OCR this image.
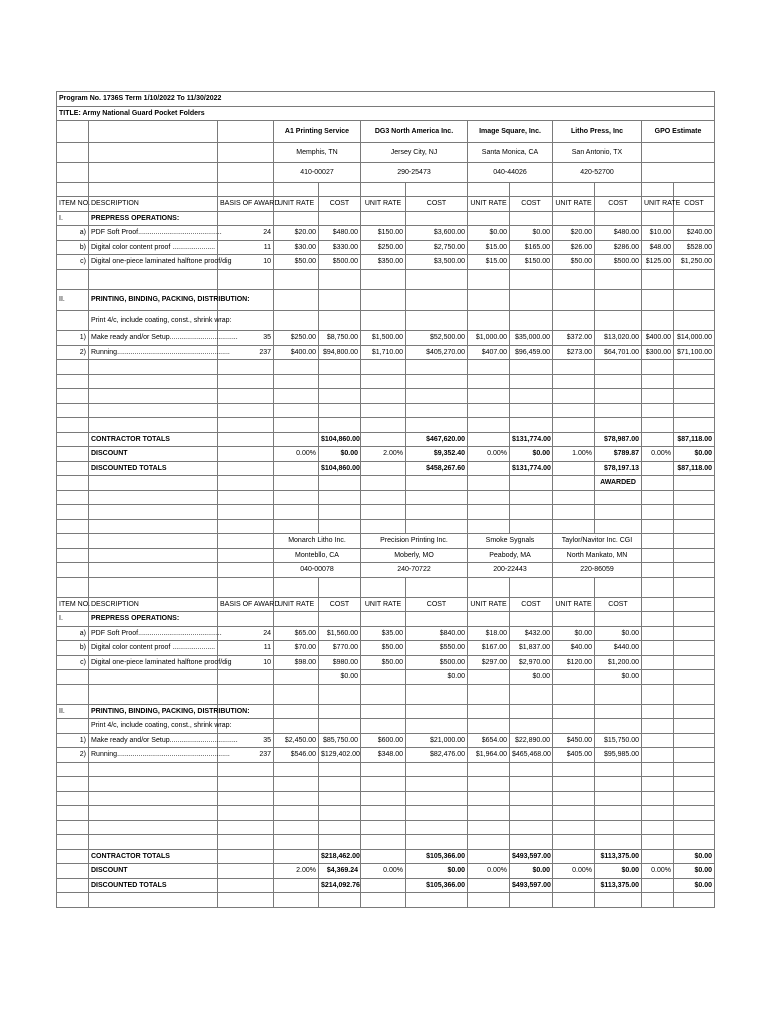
Program No. 1736S Term 1/10/2022 To 11/30/2022												
TITLE: Army National Guard Pocket Folders												
			A1 Printing Service		DG3 North America Inc.		Image Square, Inc.		Litho Press, Inc		GPO Estimate	
			Memphis, TN		Jersey City, NJ		Santa Monica, CA		San Antonio, TX			
			410-00027		290-25473		040-44026		420-52700			

ITEM NO.	DESCRIPTION	BASIS OF AWARD	UNIT RATE	COST	UNIT RATE	COST	UNIT RATE	COST	UNIT RATE	COST	UNIT RATE	COST
I.	PREPRESS OPERATIONS:											
a)	PDF Soft Proof...........................................	24	$20.00	$480.00	$150.00	$3,600.00	$0.00	$0.00	$20.00	$480.00	$10.00	$240.00
b)	Digital color content proof ......................	11	$30.00	$330.00	$250.00	$2,750.00	$15.00	$165.00	$26.00	$286.00	$48.00	$528.00
c)	Digital one-piece laminated halftone proof/dig	10	$50.00	$500.00	$350.00	$3,500.00	$15.00	$150.00	$50.00	$500.00	$125.00	$1,250.00

II.	PRINTING, BINDING, PACKING, DISTRIBUTION:											
	Print 4/c, include coating, const., shrink wrap:											
1)	Make ready and/or Setup...................................	35	$250.00	$8,750.00	$1,500.00	$52,500.00	$1,000.00	$35,000.00	$372.00	$13,020.00	$400.00	$14,000.00
2)	Running..........................................................	237	$400.00	$94,800.00	$1,710.00	$405,270.00	$407.00	$96,459.00	$273.00	$64,701.00	$300.00	$71,100.00

	CONTRACTOR TOTALS			$104,860.00		$467,620.00		$131,774.00		$78,987.00		$87,118.00
	DISCOUNT		0.00%	$0.00	2.00%	$9,352.40	0.00%	$0.00	1.00%	$789.87	0.00%	$0.00
	DISCOUNTED TOTALS			$104,860.00		$458,267.60		$131,774.00		$78,197.13		$87,118.00
										AWARDED		

			Monarch Litho Inc.		Precision Printing Inc.		Smoke Sygnals		Taylor/Navitor Inc. CGI			
			Montebllo, CA		Moberly, MO		Peabody, MA		North Mankato, MN			
			040-00078		240-70722		200-22443		220-86059			

ITEM NO.	DESCRIPTION	BASIS OF AWARD	UNIT RATE	COST	UNIT RATE	COST	UNIT RATE	COST	UNIT RATE	COST		
I.	PREPRESS OPERATIONS:											
a)	PDF Soft Proof...........................................	24	$65.00	$1,560.00	$35.00	$840.00	$18.00	$432.00	$0.00	$0.00		
b)	Digital color content proof ......................	11	$70.00	$770.00	$50.00	$550.00	$167.00	$1,837.00	$40.00	$440.00		
c)	Digital one-piece laminated halftone proof/dig	10	$98.00	$980.00	$50.00	$500.00	$297.00	$2,970.00	$120.00	$1,200.00		
				$0.00		$0.00		$0.00		$0.00		

II.	PRINTING, BINDING, PACKING, DISTRIBUTION:											
	Print 4/c, include coating, const., shrink wrap:											
1)	Make ready and/or Setup...................................	35	$2,450.00	$85,750.00	$600.00	$21,000.00	$654.00	$22,890.00	$450.00	$15,750.00		
2)	Running..........................................................	237	$546.00	$129,402.00	$348.00	$82,476.00	$1,964.00	$465,468.00	$405.00	$95,985.00		

	CONTRACTOR TOTALS			$218,462.00		$105,366.00		$493,597.00		$113,375.00		$0.00
	DISCOUNT		2.00%	$4,369.24	0.00%	$0.00	0.00%	$0.00	0.00%	$0.00	0.00%	$0.00
	DISCOUNTED TOTALS			$214,092.76		$105,366.00		$493,597.00		$113,375.00		$0.00
